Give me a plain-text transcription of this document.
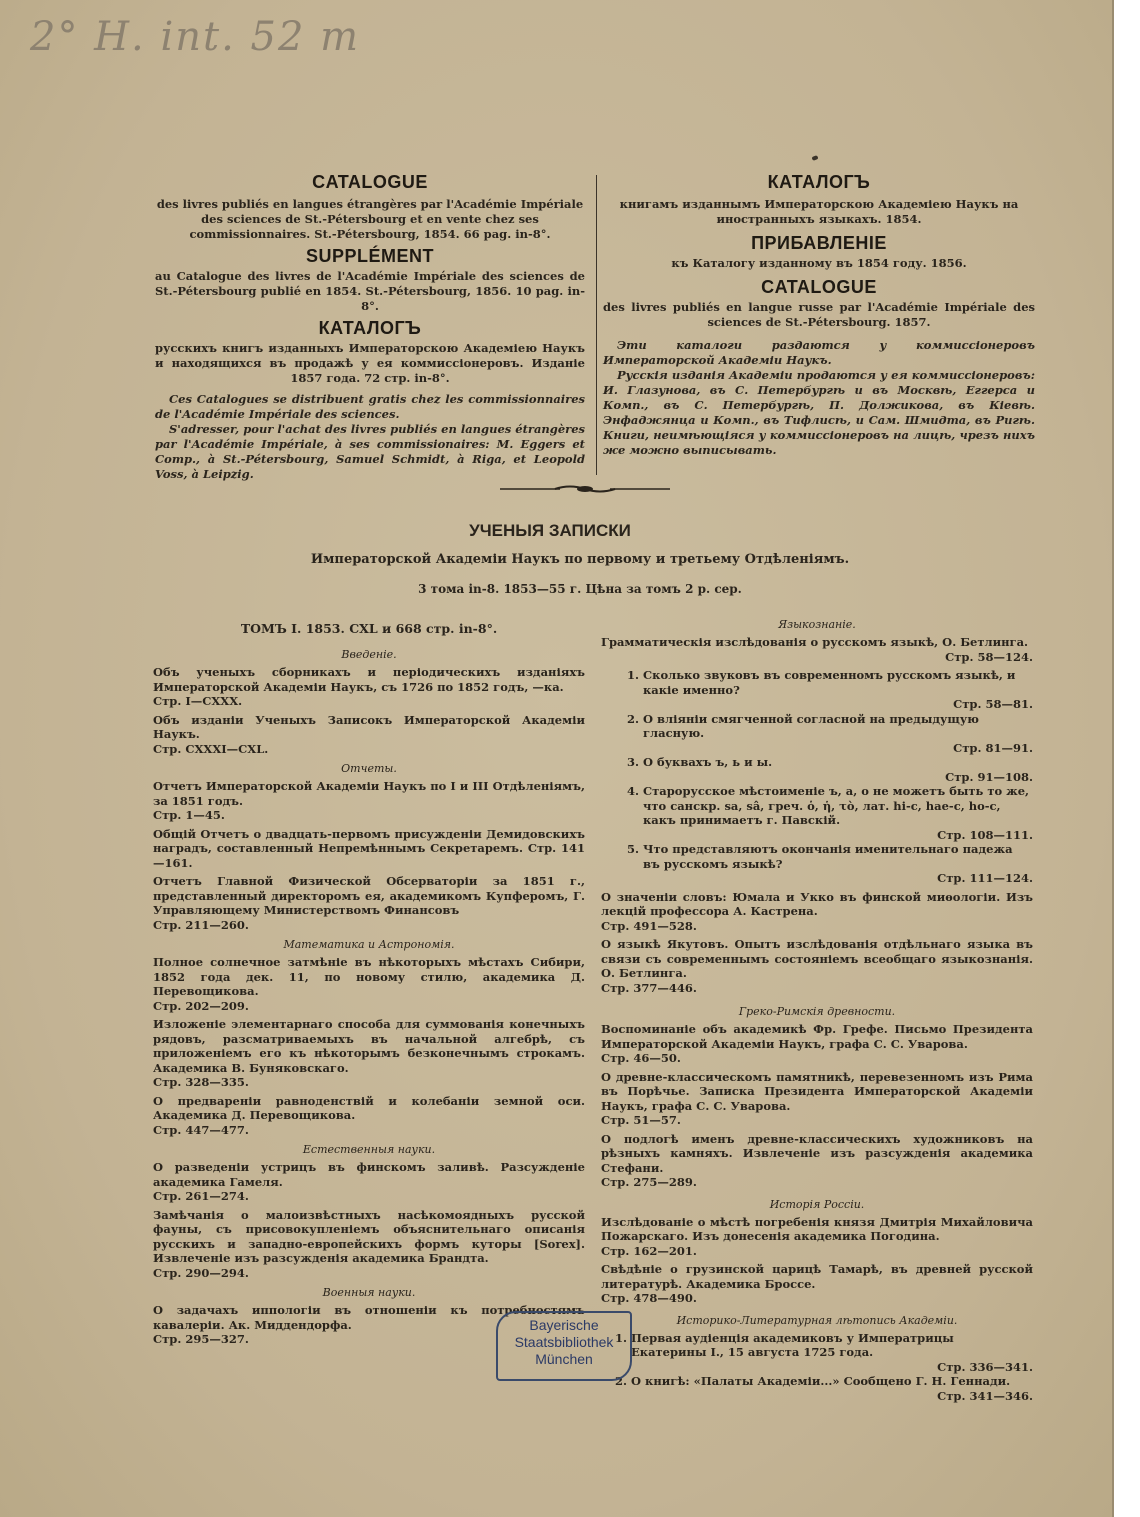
2° H. int. 52 m
CATALOGUE
des livres publiés en langues étrangères par l'Académie Impériale des sciences de St.-Pétersbourg et en vente chez ses commissionnaires. St.-Pétersbourg, 1854. 66 pag. in-8°.
SUPPLÉMENT
au Catalogue des livres de l'Académie Impériale des sciences de St.-Pétersbourg publié en 1854. St.-Pétersbourg, 1856. 10 pag. in-8°.
КАТАЛОГЪ
русскихъ книгъ изданныхъ Императорскою Академіею Наукъ и находящихся въ продажѣ у ея коммиссіонеровъ. Изданіе 1857 года. 72 стр. in-8°.
Ces Catalogues se distribuent gratis chez les commissionnaires de l'Académie Impériale des sciences.
S'adresser, pour l'achat des livres publiés en langues étrangères par l'Académie Impériale, à ses commissionaires: M. Eggers et Comp., à St.-Pétersbourg, Samuel Schmidt, à Riga, et Leopold Voss, à Leipzig.
КАТАЛОГЪ
книгамъ изданнымъ Императорскою Академіею Наукъ на иностранныхъ языкахъ. 1854.
ПРИБАВЛЕНІЕ
къ Каталогу изданному въ 1854 году. 1856.
CATALOGUE
des livres publiés en langue russe par l'Académie Impériale des sciences de St.-Pétersbourg. 1857.
Эти каталоги раздаются у коммиссіонеровъ Императорской Академіи Наукъ.
Русскія изданія Академіи продаются у ея коммиссіонеровъ: И. Глазунова, въ С. Петербургѣ и въ Москвѣ, Еггерса и Комп., въ С. Петербургѣ, П. Должикова, въ Кіевѣ. Энфаджянца и Комп., въ Тифлисѣ, и Сам. Шмидта, въ Ригѣ. Книги, неимѣющіяся у коммиссіонеровъ на лицѣ, чрезъ нихъ же можно выписывать.
УЧЕНЫЯ ЗАПИСКИ
Императорской Академіи Наукъ по первому и третьему Отдѣленіямъ.
3 тома in-8. 1853—55 г. Цѣна за томъ 2 р. сер.
ТОМЪ I. 1853. CXL и 668 стр. in-8°.
Введеніе.
Объ ученыхъ сборникахъ и періодическихъ изданіяхъ Императорской Академіи Наукъ, съ 1726 по 1852 годъ, —ка.
Стр. I—CXXX.
Объ изданіи Ученыхъ Записокъ Императорской Академіи Наукъ.
Стр. CXXXI—CXL.
Отчеты.
Отчетъ Императорской Академіи Наукъ по I и III Отдѣленіямъ, за 1851 годъ.
Стр. 1—45.
Общій Отчетъ о двадцать-первомъ присужденіи Демидовскихъ наградъ, составленный Непремѣннымъ Секретаремъ. Стр. 141—161.
Отчетъ Главной Физической Обсерваторіи за 1851 г., представленный директоромъ ея, академикомъ Купферомъ, Г. Управляющему Министерствомъ Финансовъ
Стр. 211—260.
Математика и Астрономія.
Полное солнечное затмѣніе въ нѣкоторыхъ мѣстахъ Сибири, 1852 года дек. 11, по новому стилю, академика Д. Перевощикова.
Стр. 202—209.
Изложеніе элементарнаго способа для суммованія конечныхъ рядовъ, разсматриваемыхъ въ начальной алгебрѣ, съ приложеніемъ его къ нѣкоторымъ безконечнымъ строкамъ. Академика В. Буняковскаго.
Стр. 328—335.
О предвареніи равноденствій и колебаніи земной оси. Академика Д. Перевощикова.
Стр. 447—477.
Естественныя науки.
О разведеніи устрицъ въ финскомъ заливѣ. Разсужденіе академика Гамеля.
Стр. 261—274.
Замѣчанія о малоизвѣстныхъ насѣкомоядныхъ русской фауны, съ присовокупленіемъ объяснительнаго описанія русскихъ и западно-европейскихъ формъ куторы [Sorex]. Извлеченіе изъ разсужденія академика Брандта.
Стр. 290—294.
Военныя науки.
О задачахъ иппологіи въ отношеніи къ потребностямъ кавалеріи. Ак. Миддендорфа.
Стр. 295—327.
Языкознаніе.
Грамматическія изслѣдованія о русскомъ языкѣ, О. Бетлинга.
Стр. 58—124.
1. Сколько звуковъ въ современномъ русскомъ языкѣ, и какіе именно?
Стр. 58—81.
2. О вліяніи смягченной согласной на предыдущую гласную.
Стр. 81—91.
3. О буквахъ ъ, ь и ы.
Стр. 91—108.
4. Старорусское мѣстоименіе ъ, а, о не можетъ быть то же, что санскр. sa, sâ, греч. ὁ, ἡ, τὸ, лат. hi-c, hae-c, ho-c, какъ принимаетъ г. Павскій.
Стр. 108—111.
5. Что представляютъ окончанія именительнаго падежа въ русскомъ языкѣ?
Стр. 111—124.
О значеніи словъ: Юмала и Укко въ финской миѳологіи. Изъ лекцій профессора А. Кастрена.
Стр. 491—528.
О языкѣ Якутовъ. Опытъ изслѣдованія отдѣльнаго языка въ связи съ современнымъ состояніемъ всеобщаго языкознанія. О. Бетлинга.
Стр. 377—446.
Греко-Римскія древности.
Воспоминаніе объ академикѣ Фр. Грефе. Письмо Президента Императорской Академіи Наукъ, графа С. С. Уварова.
Стр. 46—50.
О древне-классическомъ памятникѣ, перевезенномъ изъ Рима въ Порѣчье. Записка Президента Императорской Академіи Наукъ, графа С. С. Уварова.
Стр. 51—57.
О подлогѣ именъ древне-классическихъ художниковъ на рѣзныхъ камняхъ. Извлеченіе изъ разсужденія академика Стефани.
Стр. 275—289.
Исторія Россіи.
Изслѣдованіе о мѣстѣ погребенія князя Дмитрія Михайловича Пожарскаго. Изъ донесенія академика Погодина.
Стр. 162—201.
Свѣдѣніе о грузинской царицѣ Тамарѣ, въ древней русской литературѣ. Академика Броссе.
Стр. 478—490.
Историко-Литературная лѣтопись Академіи.
1. Первая аудіенція академиковъ у Императрицы Екатерины I., 15 августа 1725 года.
Стр. 336—341.
2. О книгѣ: «Палаты Академіи...» Сообщено Г. Н. Геннади.
Стр. 341—346.
Bayerische
Staatsbibliothek
München
